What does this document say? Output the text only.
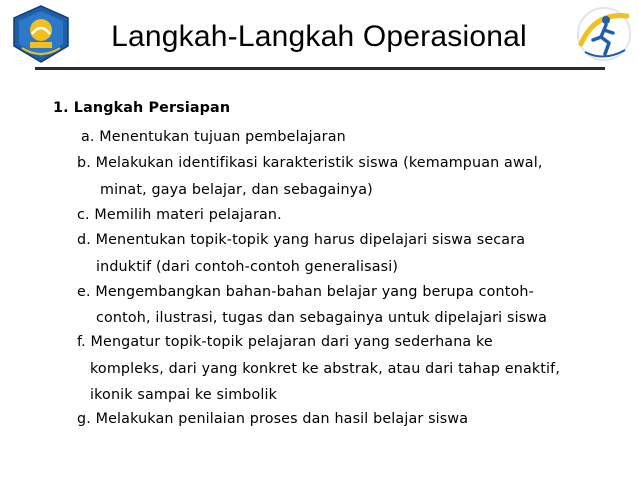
Langkah-Langkah Operasional
1. Langkah Persiapan
a. Menentukan tujuan pembelajaran
b. Melakukan identifikasi karakteristik siswa (kemampuan awal,
minat, gaya belajar, dan sebagainya)
c. Memilih materi pelajaran.
d. Menentukan topik-topik yang harus dipelajari siswa secara
induktif (dari contoh-contoh generalisasi)
e. Mengembangkan bahan-bahan belajar yang berupa contoh-
contoh, ilustrasi, tugas dan sebagainya untuk dipelajari siswa
f. Mengatur topik-topik pelajaran dari yang sederhana ke
kompleks, dari yang konkret ke abstrak, atau dari tahap enaktif,
ikonik sampai ke simbolik
g. Melakukan penilaian proses dan hasil belajar siswa
